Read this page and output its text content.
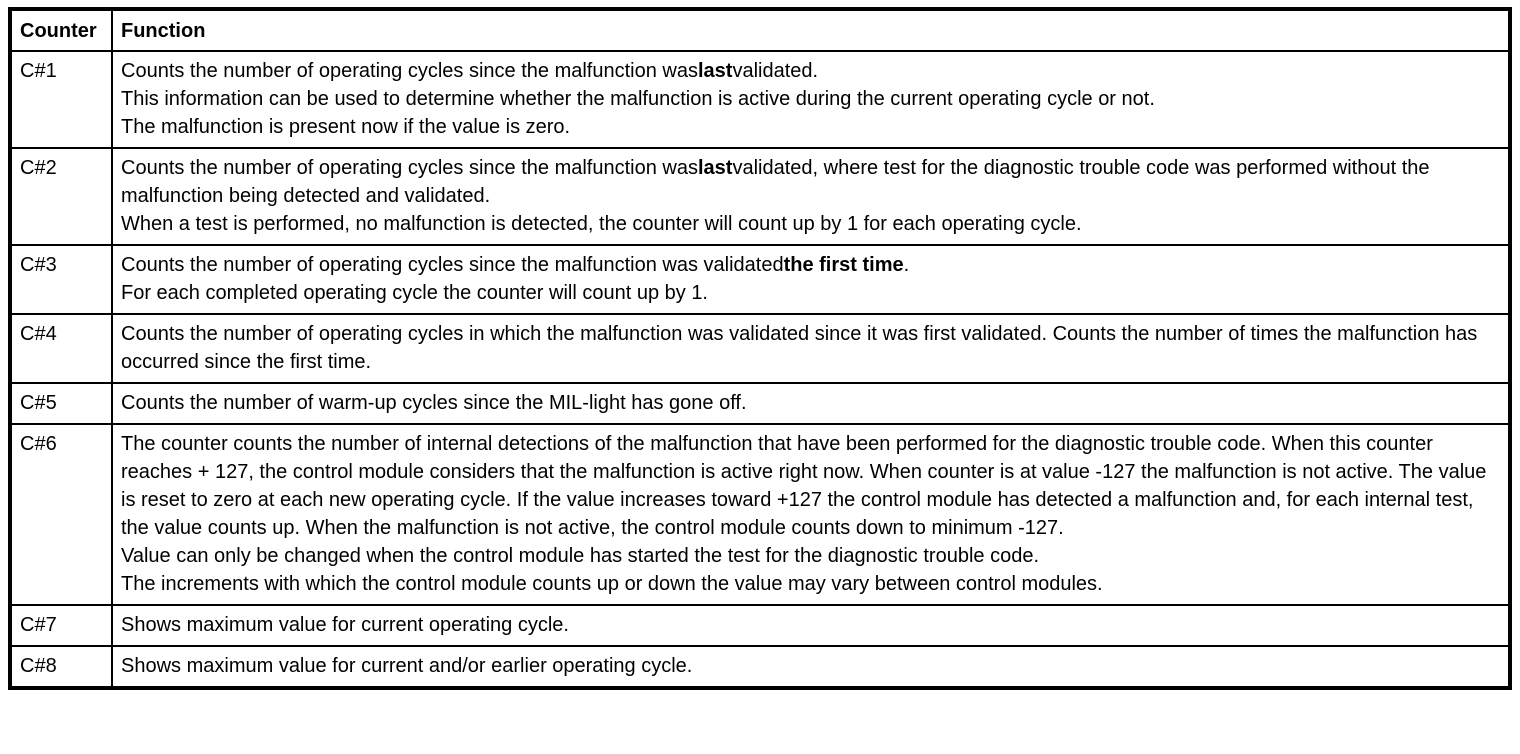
Counter	Function
C#1	Counts the number of operating cycles since the malfunction waslastvalidated.
This information can be used to determine whether the malfunction is active during the current operating cycle or not.
The malfunction is present now if the value is zero.

C#2	Counts the number of operating cycles since the malfunction waslastvalidated, where test for the diagnostic trouble code was performed without the malfunction being detected and validated.
When a test is performed, no malfunction is detected, the counter will count up by 1 for each operating cycle.

C#3	Counts the number of operating cycles since the malfunction was validatedthe first time.
For each completed operating cycle the counter will count up by 1.

C#4	Counts the number of operating cycles in which the malfunction was validated since it was first validated. Counts the number of times the malfunction has occurred since the first time.

C#5	Counts the number of warm-up cycles since the MIL-light has gone off.

C#6	The counter counts the number of internal detections of the malfunction that have been performed for the diagnostic trouble code. When this counter reaches + 127, the control module considers that the malfunction is active right now. When counter is at value -127 the malfunction is not active. The value is reset to zero at each new operating cycle. If the value increases toward +127 the control module has detected a malfunction and, for each internal test, the value counts up. When the malfunction is not active, the control module counts down to minimum -127.
Value can only be changed when the control module has started the test for the diagnostic trouble code.
The increments with which the control module counts up or down the value may vary between control modules.

C#7	Shows maximum value for current operating cycle.

C#8	Shows maximum value for current and/or earlier operating cycle.
